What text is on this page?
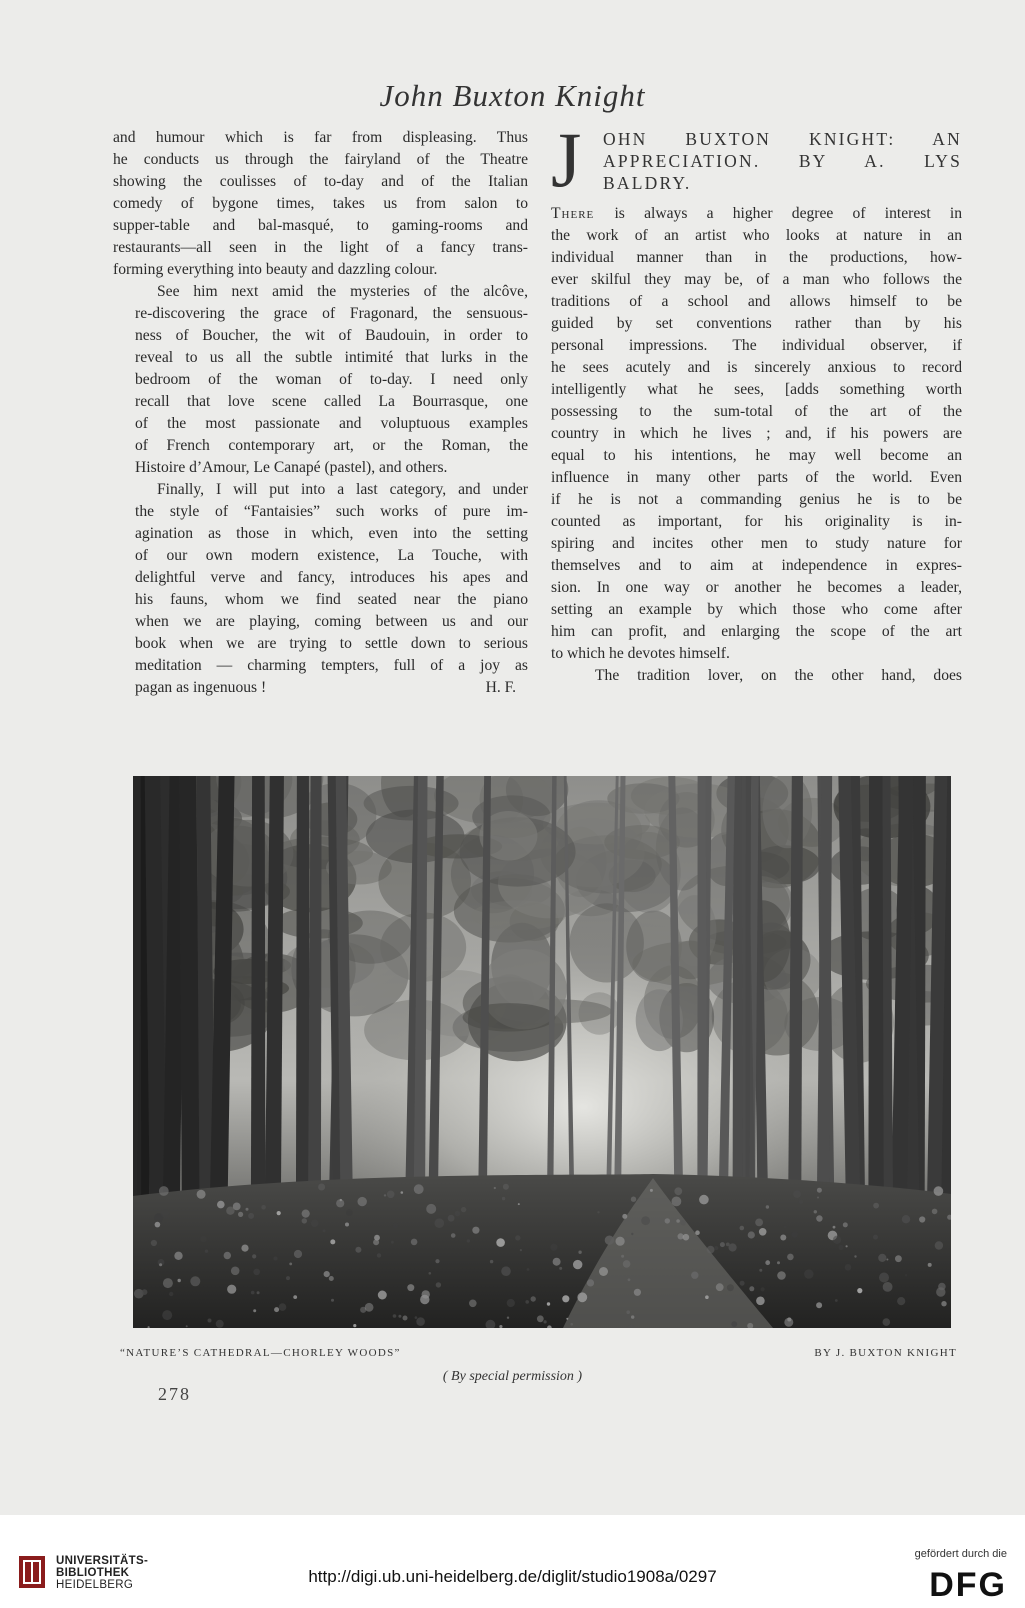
John Buxton Knight

and humour which is far from displeasing. Thus
he conducts us through the fairyland of the Theatre
showing the coulisses of to-day and of the Italian
comedy of bygone times, takes us from salon to
supper-table and bal-masqué, to gaming-rooms and
restaurants—all seen in the light of a fancy trans-
forming everything into beauty and dazzling colour.

See him next amid the mysteries of the alcôve,
re-discovering the grace of Fragonard, the sensuous-
ness of Boucher, the wit of Baudouin, in order to
reveal to us all the subtle intimité that lurks in the
bedroom of the woman of to-day. I need only
recall that love scene called La Bourrasque, one
of the most passionate and voluptuous examples
of French contemporary art, or the Roman, the
Histoire d’Amour, Le Canapé (pastel), and others.

Finally, I will put into a last category, and under
the style of “Fantaisies” such works of pure im-
agination as those in which, even into the setting
of our own modern existence, La Touche, with
delightful verve and fancy, introduces his apes and
his fauns, whom we find seated near the piano
when we are playing, coming between us and our
book when we are trying to settle down to serious
meditation — charming tempters, full of a joy as
pagan as ingenuous !	H. F.
J OHN BUXTON KNIGHT: AN
APPRECIATION. BY A. LYS
BALDRY.

There is always a higher degree of interest in
the work of an artist who looks at nature in an
individual manner than in the productions, how-
ever skilful they may be, of a man who follows the
traditions of a school and allows himself to be
guided by set conventions rather than by his
personal impressions. The individual observer, if
he sees acutely and is sincerely anxious to record
intelligently what he sees, [adds something worth
possessing to the sum-total of the art of the
country in which he lives ; and, if his powers are
equal to his intentions, he may well become an
influence in many other parts of the world. Even
if he is not a commanding genius he is to be
counted as important, for his originality is in-
spiring and incites other men to study nature for
themselves and to aim at independence in expres-
sion. In one way or another he becomes a leader,
setting an example by which those who come after
him can profit, and enlarging the scope of the art
to which he devotes himself.

The tradition lover, on the other hand, does

“NATURE’S CATHEDRAL—CHORLEY WOODS”	BY J. BUXTON KNIGHT
( By special permission )
278
UNIVERSITÄTS-
BIBLIOTHEK
HEIDELBERG	http://digi.ub.uni-heidelberg.de/diglit/studio1908a/0297
gefördert durch die
DFG
